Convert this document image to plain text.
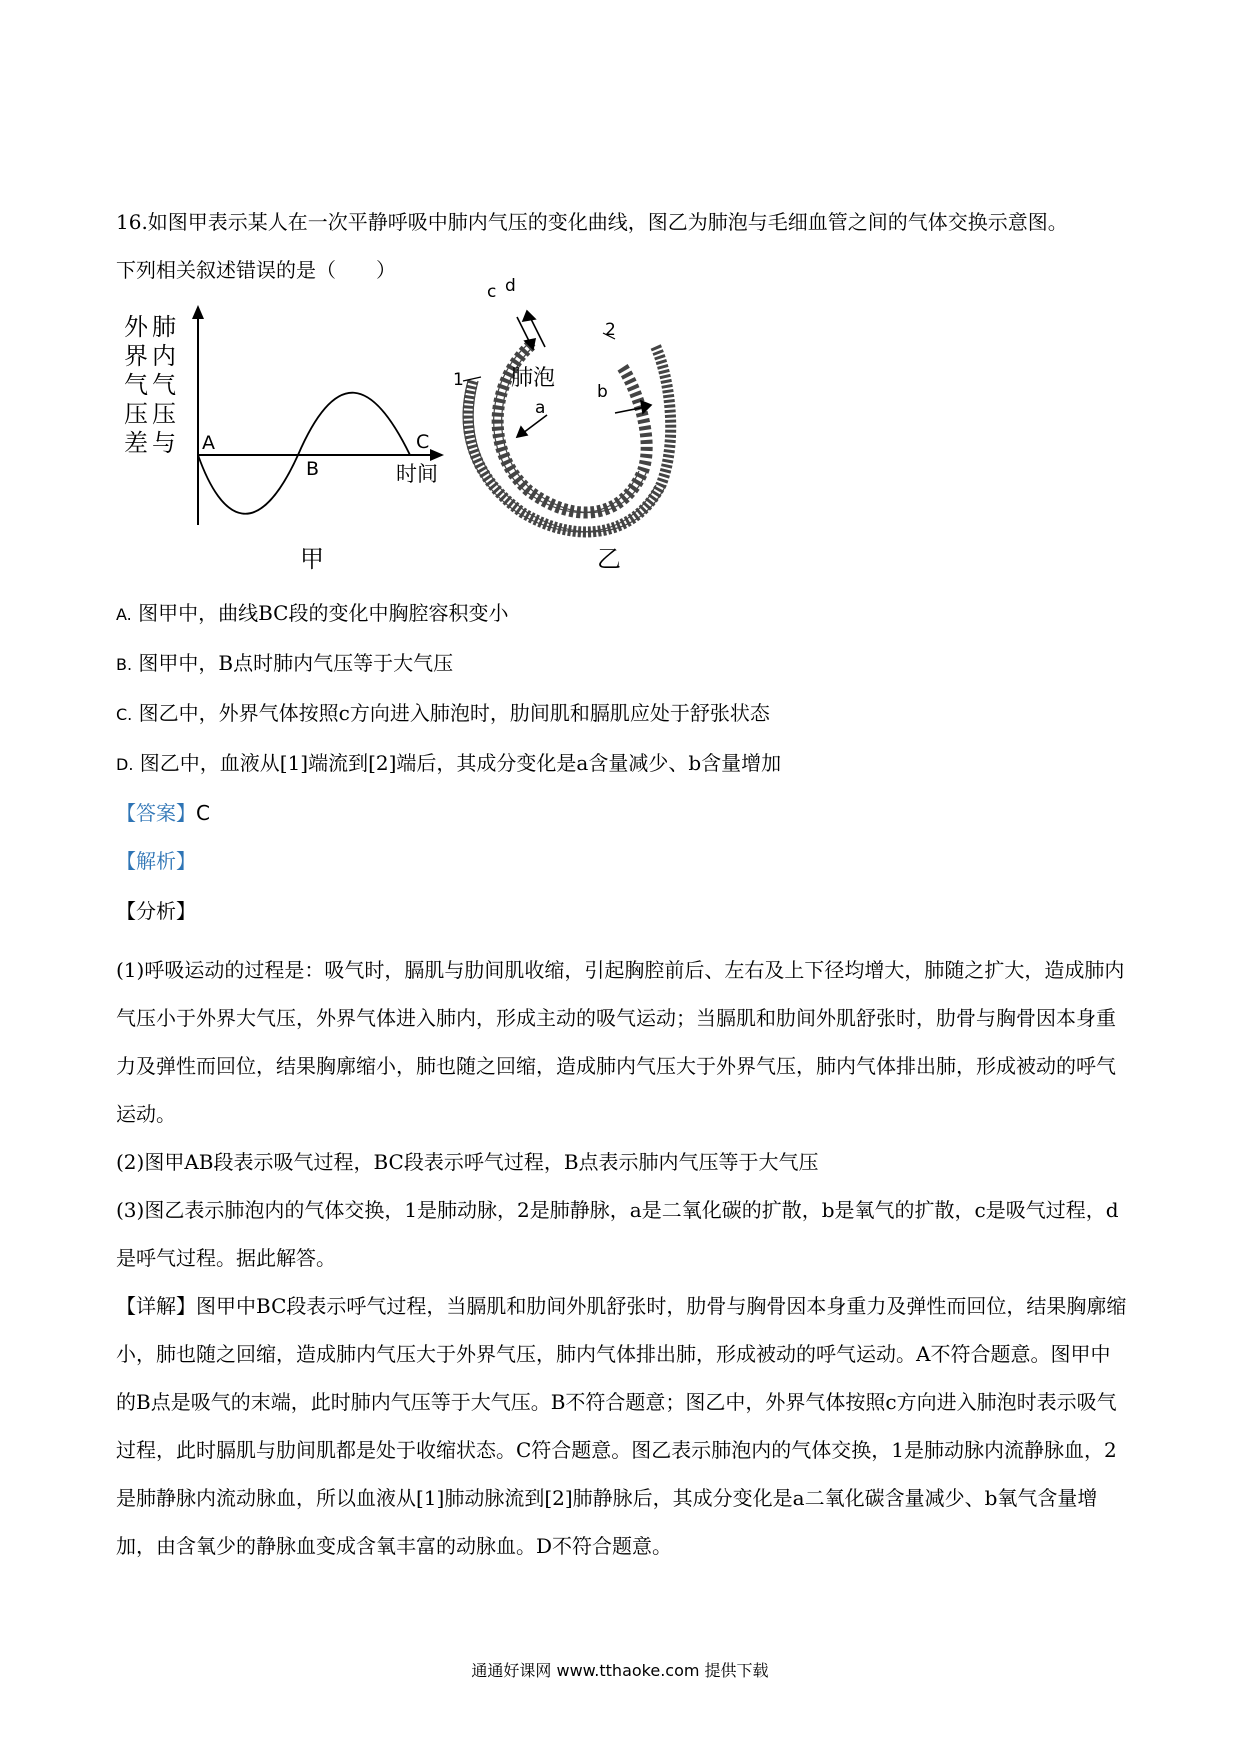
16.如图甲表示某人在一次平静呼吸中肺内气压的变化曲线，图乙为肺泡与毛细血管之间的气体交换示意图。

下列相关叙述错误的是（　　）

外
界
气
压
差
肺
内
气
压
与 A
B
C
时间
甲
肺泡
c d
1
2
a
b
乙
A. 图甲中，曲线BC段的变化中胸腔容积变小
B. 图甲中，B点时肺内气压等于大气压
C. 图乙中，外界气体按照c方向进入肺泡时，肋间肌和膈肌应处于舒张状态
D. 图乙中，血液从[1]端流到[2]端后，其成分变化是a含量减少、b含量增加
【答案】C
【解析】
【分析】

(1)呼吸运动的过程是：吸气时，膈肌与肋间肌收缩，引起胸腔前后、左右及上下径均增大，肺随之扩大，造成肺内气压小于外界大气压，外界气体进入肺内，形成主动的吸气运动；当膈肌和肋间外肌舒张时，肋骨与胸骨因本身重力及弹性而回位，结果胸廓缩小，肺也随之回缩，造成肺内气压大于外界气压，肺内气体排出肺，形成被动的呼气运动。

(2)图甲AB段表示吸气过程，BC段表示呼气过程，B点表示肺内气压等于大气压

(3)图乙表示肺泡内的气体交换，1是肺动脉，2是肺静脉，a是二氧化碳的扩散，b是氧气的扩散，c是吸气过程，d是呼气过程。据此解答。

【详解】图甲中BC段表示呼气过程，当膈肌和肋间外肌舒张时，肋骨与胸骨因本身重力及弹性而回位，结果胸廓缩小，肺也随之回缩，造成肺内气压大于外界气压，肺内气体排出肺，形成被动的呼气运动。A不符合题意。图甲中的B点是吸气的末端，此时肺内气压等于大气压。B不符合题意；图乙中，外界气体按照c方向进入肺泡时表示吸气过程，此时膈肌与肋间肌都是处于收缩状态。C符合题意。图乙表示肺泡内的气体交换，1是肺动脉内流静脉血，2是肺静脉内流动脉血，所以血液从[1]肺动脉流到[2]肺静脉后，其成分变化是a二氧化碳含量减少、b氧气含量增加，由含氧少的静脉血变成含氧丰富的动脉血。D不符合题意。

通通好课网 www.tthaoke.com 提供下载
